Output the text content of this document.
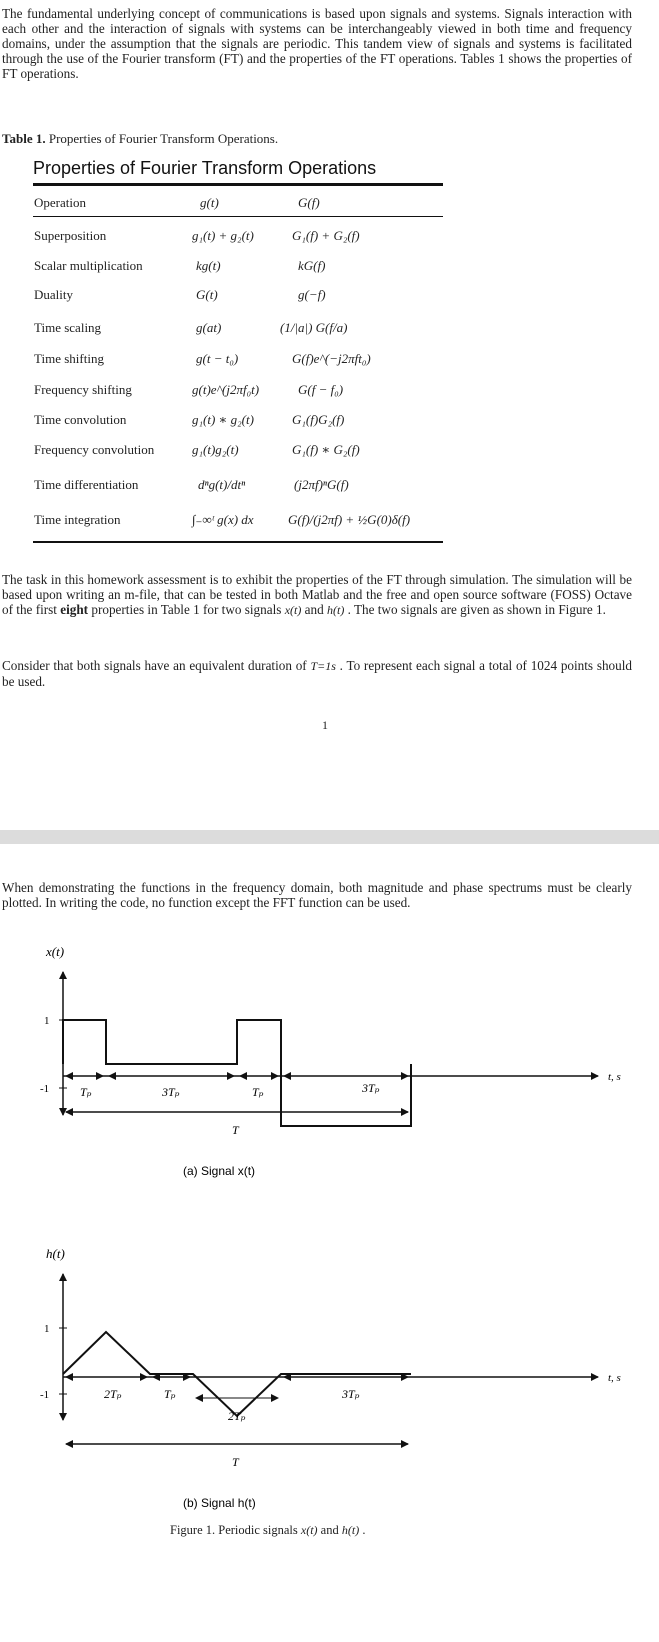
The fundamental underlying concept of communications is based upon signals and systems. Signals interaction with each other and the interaction of signals with systems can be interchangeably viewed in both time and frequency domains, under the assumption that the signals are periodic. This tandem view of signals and systems is facilitated through the use of the Fourier transform (FT) and the properties of the FT operations. Tables 1 shows the properties of FT operations.

Table 1. Properties of Fourier Transform Operations.

Properties of Fourier Transform Operations

Operation	g(t)	G(f)
Superposition	g₁(t) + g₂(t)	G₁(f) + G₂(f)
Scalar multiplication	kg(t)	kG(f)
Duality	G(t)	g(−f)
Time scaling	g(at)	(1/|a|) G(f/a)
Time shifting	g(t − t₀)	G(f)e^(−j2πft₀)
Frequency shifting	g(t)e^(j2πf₀t)	G(f − f₀)
Time convolution	g₁(t) ∗ g₂(t)	G₁(f)G₂(f)
Frequency convolution	g₁(t)g₂(t)	G₁(f) ∗ G₂(f)
Time differentiation	dⁿg(t)/dtⁿ	(j2πf)ⁿG(f)
Time integration	∫₋∞ᵗ g(x) dx	G(f)/(j2πf) + ½G(0)δ(f)

The task in this homework assessment is to exhibit the properties of the FT through simulation. The simulation will be based upon writing an m-file, that can be tested in both Matlab and the free and open source software (FOSS) Octave of the first eight properties in Table 1 for two signals x(t) and h(t) . The two signals are given as shown in Figure 1.

Consider that both signals have an equivalent duration of T=1s . To represent each signal a total of 1024 points should be used.

1

When demonstrating the functions in the frequency domain, both magnitude and phase spectrums must be clearly plotted. In writing the code, no function except the FFT function can be used.

x(t)
1
-1
t, s
Tₚ	3Tₚ	Tₚ	3Tₚ
T
(a) Signal x(t)
h(t)
1
-1
t, s
2Tₚ	Tₚ
2Tₚ
3Tₚ
T
(b) Signal h(t)

Figure 1. Periodic signals x(t) and h(t) .
